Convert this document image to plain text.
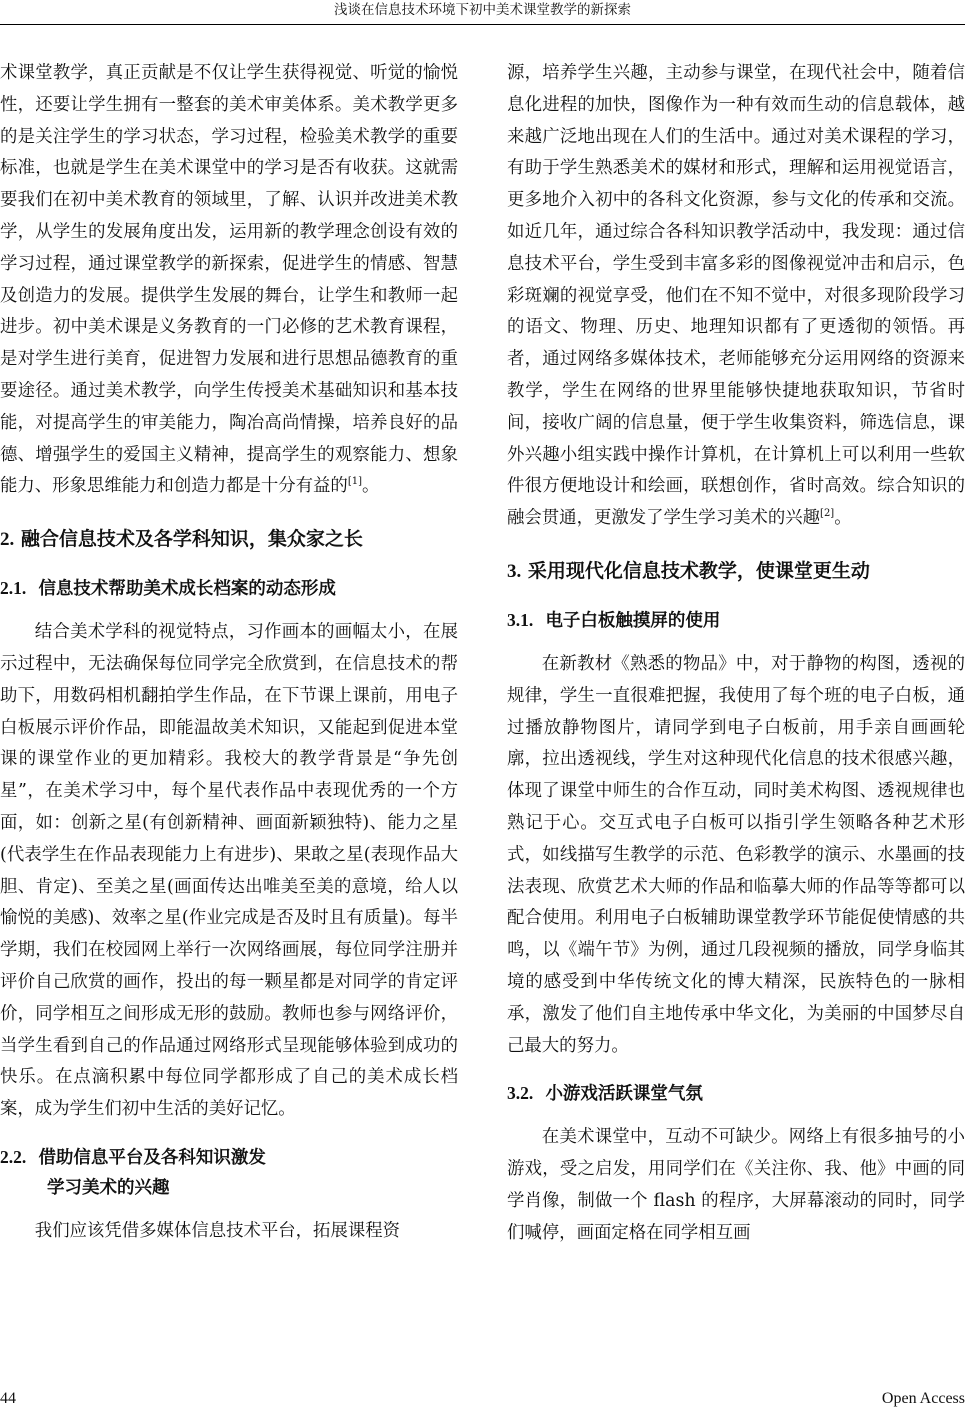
浅谈在信息技术环境下初中美术课堂教学的新探索

术课堂教学，真正贡献是不仅让学生获得视觉、听觉的愉悦性，还要让学生拥有一整套的美术审美体系。美术教学更多的是关注学生的学习状态，学习过程，检验美术教学的重要标准，也就是学生在美术课堂中的学习是否有收获。这就需要我们在初中美术教育的领域里，了解、认识并改进美术教学，从学生的发展角度出发，运用新的教学理念创设有效的学习过程，通过课堂教学的新探索，促进学生的情感、智慧及创造力的发展。提供学生发展的舞台，让学生和教师一起进步。初中美术课是义务教育的一门必修的艺术教育课程，是对学生进行美育，促进智力发展和进行思想品德教育的重要途径。通过美术教学，向学生传授美术基础知识和基本技能，对提高学生的审美能力，陶冶高尚情操，培养良好的品德、增强学生的爱国主义精神，提高学生的观察能力、想象能力、形象思维能力和创造力都是十分有益的[1]。

2. 融合信息技术及各学科知识，集众家之长
2.1. 信息技术帮助美术成长档案的动态形成

结合美术学科的视觉特点，习作画本的画幅太小，在展示过程中，无法确保每位同学完全欣赏到，在信息技术的帮助下，用数码相机翻拍学生作品，在下节课上课前，用电子白板展示评价作品，即能温故美术知识，又能起到促进本堂课的课堂作业的更加精彩。我校大的教学背景是“争先创星”，在美术学习中，每个星代表作品中表现优秀的一个方面，如：创新之星(有创新精神、画面新颖独特)、能力之星(代表学生在作品表现能力上有进步)、果敢之星(表现作品大胆、肯定)、至美之星(画面传达出唯美至美的意境，给人以愉悦的美感)、效率之星(作业完成是否及时且有质量)。每半学期，我们在校园网上举行一次网络画展，每位同学注册并评价自己欣赏的画作，投出的每一颗星都是对同学的肯定评价，同学相互之间形成无形的鼓励。教师也参与网络评价，当学生看到自己的作品通过网络形式呈现能够体验到成功的快乐。在点滴积累中每位同学都形成了自己的美术成长档案，成为学生们初中生活的美好记忆。

2.2. 借助信息平台及各科知识激发
学习美术的兴趣

我们应该凭借多媒体信息技术平台，拓展课程资

源，培养学生兴趣，主动参与课堂，在现代社会中，随着信息化进程的加快，图像作为一种有效而生动的信息载体，越来越广泛地出现在人们的生活中。通过对美术课程的学习，有助于学生熟悉美术的媒材和形式，理解和运用视觉语言，更多地介入初中的各科文化资源，参与文化的传承和交流。如近几年，通过综合各科知识教学活动中，我发现：通过信息技术平台，学生受到丰富多彩的图像视觉冲击和启示，色彩斑斓的视觉享受，他们在不知不觉中，对很多现阶段学习的语文、物理、历史、地理知识都有了更透彻的领悟。再者，通过网络多媒体技术，老师能够充分运用网络的资源来教学，学生在网络的世界里能够快捷地获取知识，节省时间，接收广阔的信息量，便于学生收集资料，筛选信息，课外兴趣小组实践中操作计算机，在计算机上可以利用一些软件很方便地设计和绘画，联想创作，省时高效。综合知识的融会贯通，更激发了学生学习美术的兴趣[2]。

3. 采用现代化信息技术教学，使课堂更生动
3.1. 电子白板触摸屏的使用

在新教材《熟悉的物品》中，对于静物的构图，透视的规律，学生一直很难把握，我使用了每个班的电子白板，通过播放静物图片，请同学到电子白板前，用手亲自画画轮廓，拉出透视线，学生对这种现代化信息的技术很感兴趣，体现了课堂中师生的合作互动，同时美术构图、透视规律也熟记于心。交互式电子白板可以指引学生领略各种艺术形式，如线描写生教学的示范、色彩教学的演示、水墨画的技法表现、欣赏艺术大师的作品和临摹大师的作品等等都可以配合使用。利用电子白板辅助课堂教学环节能促使情感的共鸣，以《端午节》为例，通过几段视频的播放，同学身临其境的感受到中华传统文化的博大精深，民族特色的一脉相承，激发了他们自主地传承中华文化，为美丽的中国梦尽自己最大的努力。

3.2. 小游戏活跃课堂气氛

在美术课堂中，互动不可缺少。网络上有很多抽号的小游戏，受之启发，用同学们在《关注你、我、他》中画的同学肖像，制做一个 flash 的程序，大屏幕滚动的同时，同学们喊停，画面定格在同学相互画

44	Open Access
